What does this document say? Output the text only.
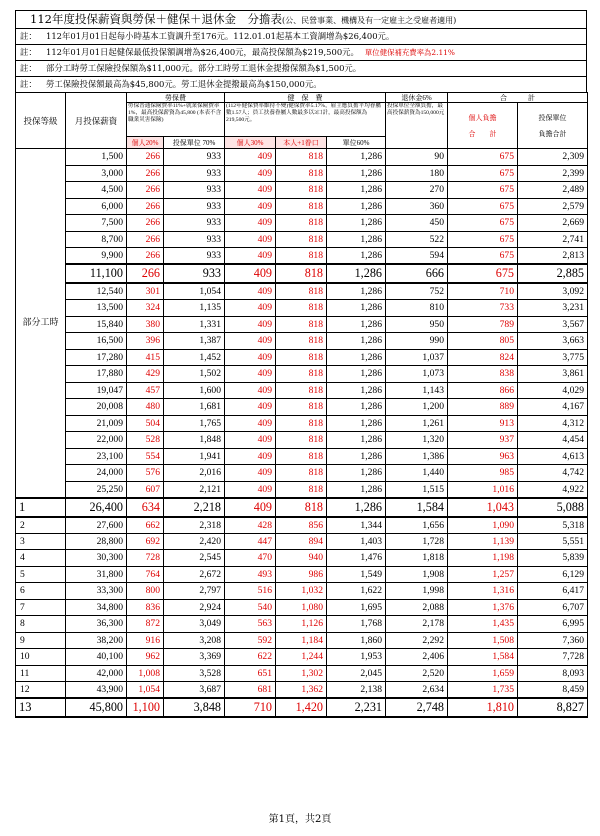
112年度投保薪資與勞保＋健保＋退休金　分擔表(公、民營事業、機構及有一定雇主之受雇者適用)
註： 112年01月01日起每小時基本工資調升至176元。112.01.01起基本工資調增為$26,400元。
註： 112年01月01日起健保最低投保額調增為$26,400元，最高投保額為$219,500元。 單位健保補充費率為2.11%
註： 部分工時勞工保險投保額為$11,000元。部分工時勞工退休金提撥保額為$1,500元。
註： 勞工保險投保額最高為$45,800元。勞工退休金提撥最高為$150,000元。
投保等級	月投保薪資	勞保費		健　保　費			退休金6%	合　　　計	
		勞保普通保險費率11%+就業保險費率1%，最高投保薪資為45,800 (本表不含職業災害保險)		(112年健保費率維持不變)健保費率5.17%，雇主應負擔平均眷屬數1.57人；員工扶養眷屬人數最多以3口計，最高投保額為219,500元。			投保單位全額負擔，最高投保薪資為150,000元	個人負擔

合　　計	投保單位

負擔合計
		個人20%	投保單位 70%	個人30%	本人+1眷口	單位60%			
部分工時	1,500	266	933	409	818	1,286	90	675	2,309
	3,000	266	933	409	818	1,286	180	675	2,399
	4,500	266	933	409	818	1,286	270	675	2,489
	6,000	266	933	409	818	1,286	360	675	2,579
	7,500	266	933	409	818	1,286	450	675	2,669
	8,700	266	933	409	818	1,286	522	675	2,741
	9,900	266	933	409	818	1,286	594	675	2,813
	11,100	266	933	409	818	1,286	666	675	2,885
	12,540	301	1,054	409	818	1,286	752	710	3,092
	13,500	324	1,135	409	818	1,286	810	733	3,231
	15,840	380	1,331	409	818	1,286	950	789	3,567
	16,500	396	1,387	409	818	1,286	990	805	3,663
	17,280	415	1,452	409	818	1,286	1,037	824	3,775
	17,880	429	1,502	409	818	1,286	1,073	838	3,861
	19,047	457	1,600	409	818	1,286	1,143	866	4,029
	20,008	480	1,681	409	818	1,286	1,200	889	4,167
	21,009	504	1,765	409	818	1,286	1,261	913	4,312
	22,000	528	1,848	409	818	1,286	1,320	937	4,454
	23,100	554	1,941	409	818	1,286	1,386	963	4,613
	24,000	576	2,016	409	818	1,286	1,440	985	4,742
	25,250	607	2,121	409	818	1,286	1,515	1,016	4,922
1	26,400	634	2,218	409	818	1,286	1,584	1,043	5,088
2	27,600	662	2,318	428	856	1,344	1,656	1,090	5,318
3	28,800	692	2,420	447	894	1,403	1,728	1,139	5,551
4	30,300	728	2,545	470	940	1,476	1,818	1,198	5,839
5	31,800	764	2,672	493	986	1,549	1,908	1,257	6,129
6	33,300	800	2,797	516	1,032	1,622	1,998	1,316	6,417
7	34,800	836	2,924	540	1,080	1,695	2,088	1,376	6,707
8	36,300	872	3,049	563	1,126	1,768	2,178	1,435	6,995
9	38,200	916	3,208	592	1,184	1,860	2,292	1,508	7,360
10	40,100	962	3,369	622	1,244	1,953	2,406	1,584	7,728
11	42,000	1,008	3,528	651	1,302	2,045	2,520	1,659	8,093
12	43,900	1,054	3,687	681	1,362	2,138	2,634	1,735	8,459
13	45,800	1,100	3,848	710	1,420	2,231	2,748	1,810	8,827
第1頁，共2頁
